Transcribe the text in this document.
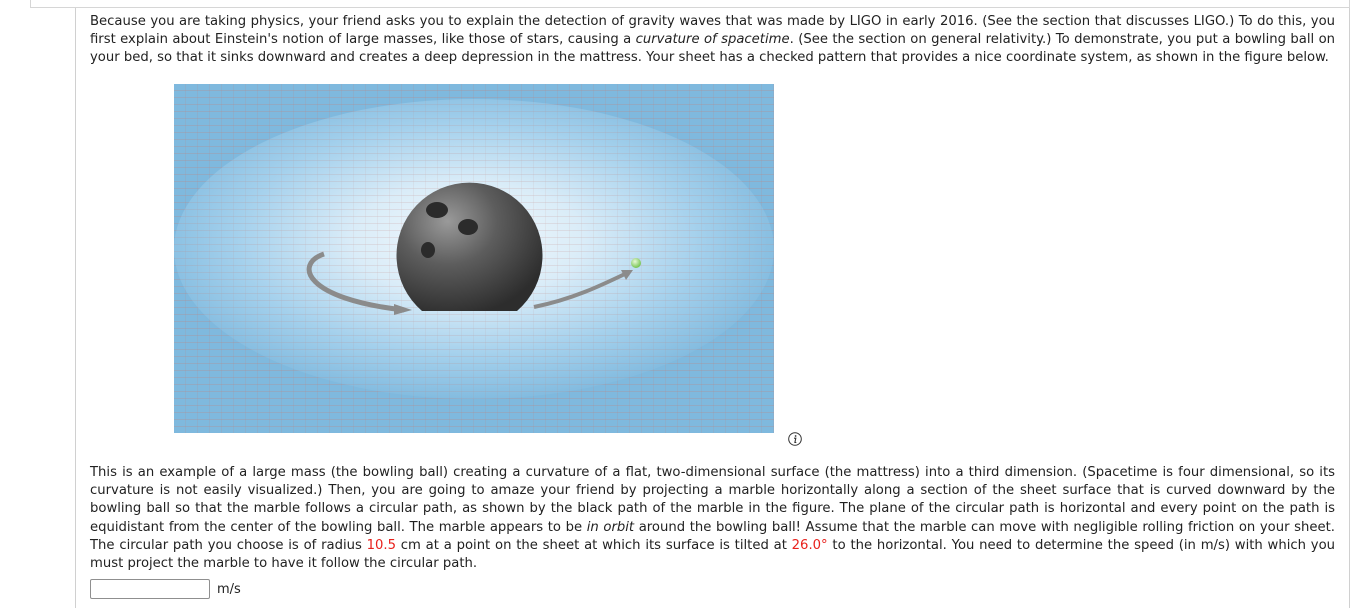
Because you are taking physics, your friend asks you to explain the detection of gravity waves that was made by LIGO in early 2016. (See the section that discusses LIGO.) To do this, you first explain about Einstein's notion of large masses, like those of stars, causing a curvature of spacetime. (See the section on general relativity.) To demonstrate, you put a bowling ball on your bed, so that it sinks downward and creates a deep depression in the mattress. Your sheet has a checked pattern that provides a nice coordinate system, as shown in the figure below.

This is an example of a large mass (the bowling ball) creating a curvature of a flat, two-dimensional surface (the mattress) into a third dimension. (Spacetime is four dimensional, so its curvature is not easily visualized.) Then, you are going to amaze your friend by projecting a marble horizontally along a section of the sheet surface that is curved downward by the bowling ball so that the marble follows a circular path, as shown by the black path of the marble in the figure. The plane of the circular path is horizontal and every point on the path is equidistant from the center of the bowling ball. The marble appears to be in orbit around the bowling ball! Assume that the marble can move with negligible rolling friction on your sheet. The circular path you choose is of radius 10.5 cm at a point on the sheet at which its surface is tilted at 26.0° to the horizontal. You need to determine the speed (in m/s) with which you must project the marble to have it follow the circular path.

m/s
